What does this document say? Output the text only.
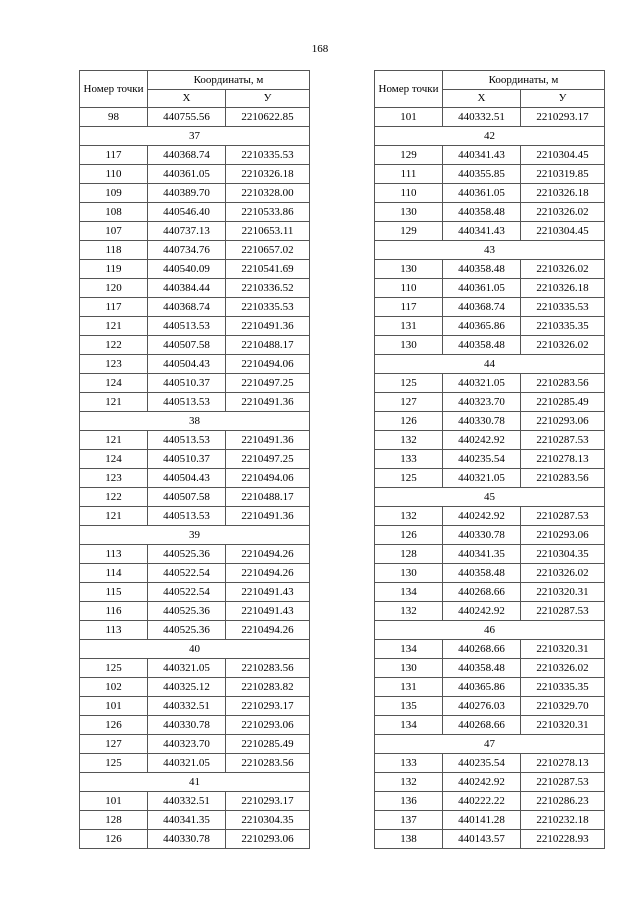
168
Номер точки	Координаты, м	
	X	У
98	440755.56	2210622.85
37		
117	440368.74	2210335.53
110	440361.05	2210326.18
109	440389.70	2210328.00
108	440546.40	2210533.86
107	440737.13	2210653.11
118	440734.76	2210657.02
119	440540.09	2210541.69
120	440384.44	2210336.52
117	440368.74	2210335.53
121	440513.53	2210491.36
122	440507.58	2210488.17
123	440504.43	2210494.06
124	440510.37	2210497.25
121	440513.53	2210491.36
38		
121	440513.53	2210491.36
124	440510.37	2210497.25
123	440504.43	2210494.06
122	440507.58	2210488.17
121	440513.53	2210491.36
39		
113	440525.36	2210494.26
114	440522.54	2210494.26
115	440522.54	2210491.43
116	440525.36	2210491.43
113	440525.36	2210494.26
40		
125	440321.05	2210283.56
102	440325.12	2210283.82
101	440332.51	2210293.17
126	440330.78	2210293.06
127	440323.70	2210285.49
125	440321.05	2210283.56
41		
101	440332.51	2210293.17
128	440341.35	2210304.35
126	440330.78	2210293.06
Номер точки	Координаты, м	
	X	У
101	440332.51	2210293.17
42		
129	440341.43	2210304.45
111	440355.85	2210319.85
110	440361.05	2210326.18
130	440358.48	2210326.02
129	440341.43	2210304.45
43		
130	440358.48	2210326.02
110	440361.05	2210326.18
117	440368.74	2210335.53
131	440365.86	2210335.35
130	440358.48	2210326.02
44		
125	440321.05	2210283.56
127	440323.70	2210285.49
126	440330.78	2210293.06
132	440242.92	2210287.53
133	440235.54	2210278.13
125	440321.05	2210283.56
45		
132	440242.92	2210287.53
126	440330.78	2210293.06
128	440341.35	2210304.35
130	440358.48	2210326.02
134	440268.66	2210320.31
132	440242.92	2210287.53
46		
134	440268.66	2210320.31
130	440358.48	2210326.02
131	440365.86	2210335.35
135	440276.03	2210329.70
134	440268.66	2210320.31
47		
133	440235.54	2210278.13
132	440242.92	2210287.53
136	440222.22	2210286.23
137	440141.28	2210232.18
138	440143.57	2210228.93
